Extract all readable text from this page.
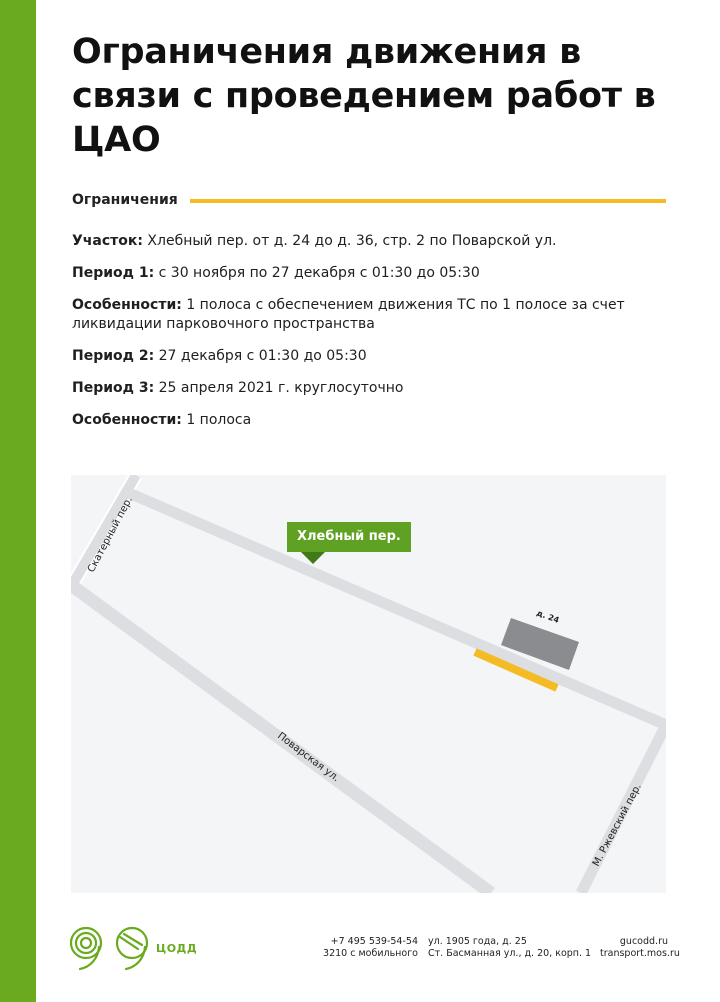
Ограничения движения в связи с проведением работ в ЦАО
Ограничения
Участок: Хлебный пер. от д. 24 до д. 36, стр. 2 по Поварской ул.
Период 1: с 30 ноября по 27 декабря с 01:30 до 05:30
Особенности: 1 полоса с обеспечением движения ТС по 1 полосе за счет ликвидации парковочного пространства
Период 2: 27 декабря с 01:30 до 05:30
Период 3: 25 апреля 2021 г. круглосуточно
Особенности: 1 полоса
д. 24
Скатерный пер.
Поварская ул.
М. Ржевский пер.
Хлебный пер.
ЦОДД
+7 495 539-54-54
3210 с мобильного
ул. 1905 года, д. 25
Ст. Басманная ул., д. 20, корп. 1
gucodd.ru
transport.mos.ru
